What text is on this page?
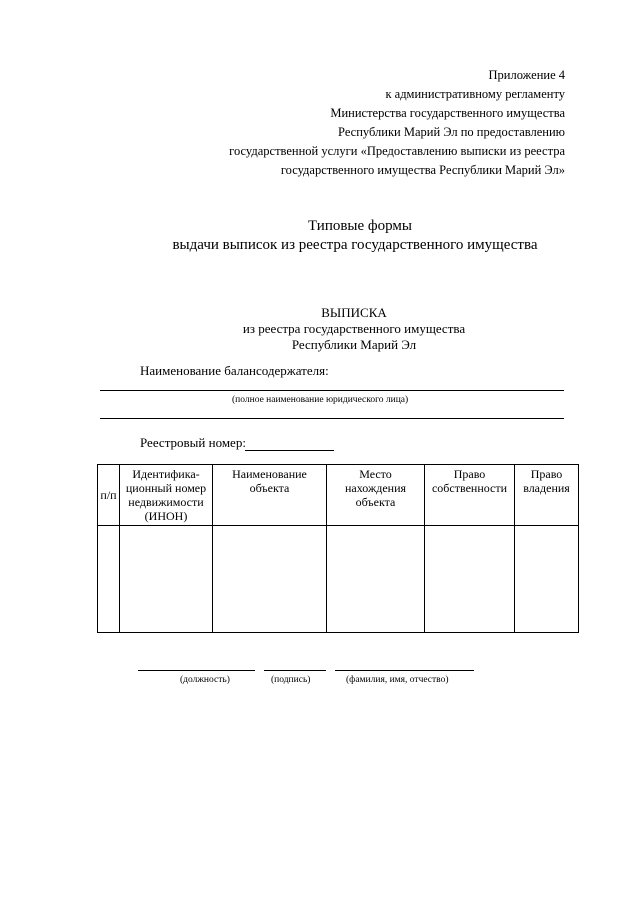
Приложение 4
к административному регламенту
Министерства государственного имущества
Республики Марий Эл по предоставлению
государственной услуги «Предоставлению выписки из реестра
государственного имущества Республики Марий Эл»
Типовые формы
выдачи выписок из реестра государственного имущества
ВЫПИСКА
из реестра государственного имущества
Республики Марий Эл
Наименование балансодержателя:
(полное наименование юридического лица)
Реестровый номер:
п/п	Идентифика-ционный номер недвижимости (ИНОН)	Наименование объекта	Место нахождения объекта	Право собственности	Право владения

(должность)	(подпись)	(фамилия, имя, отчество)
